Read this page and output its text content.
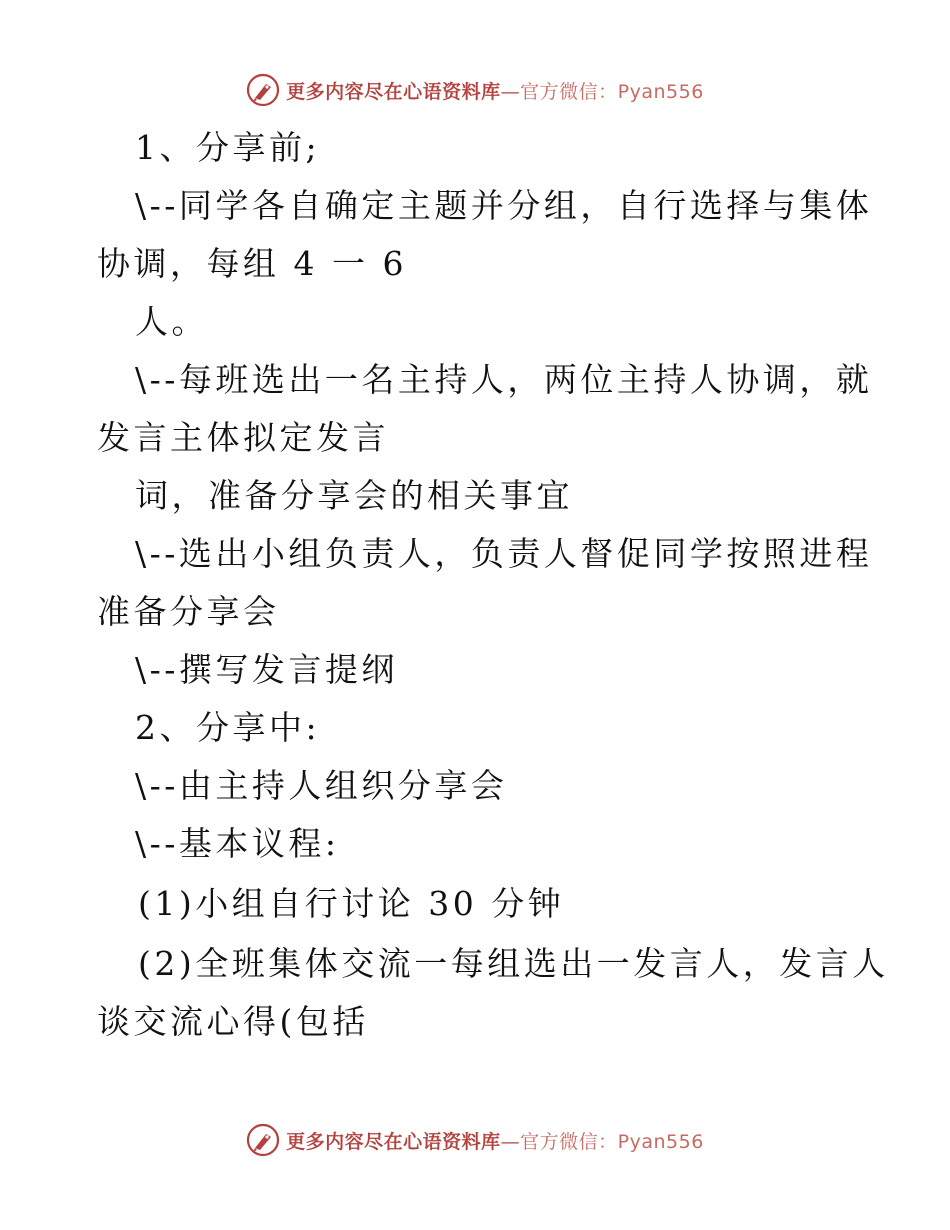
更多内容尽在心语资料库—官方微信：Pyan556
1、分享前;
\--同学各自确定主题并分组，自行选择与集体
协调，每组 4 一 6
人。
\--每班选出一名主持人，两位主持人协调，就
发言主体拟定发言
词，准备分享会的相关事宜
\--选出小组负责人，负责人督促同学按照进程
准备分享会
\--撰写发言提纲
2、分享中:
\--由主持人组织分享会
\--基本议程:
(1)小组自行讨论 30 分钟
(2)全班集体交流一每组选出一发言人，发言人
谈交流心得(包括
更多内容尽在心语资料库—官方微信：Pyan556
